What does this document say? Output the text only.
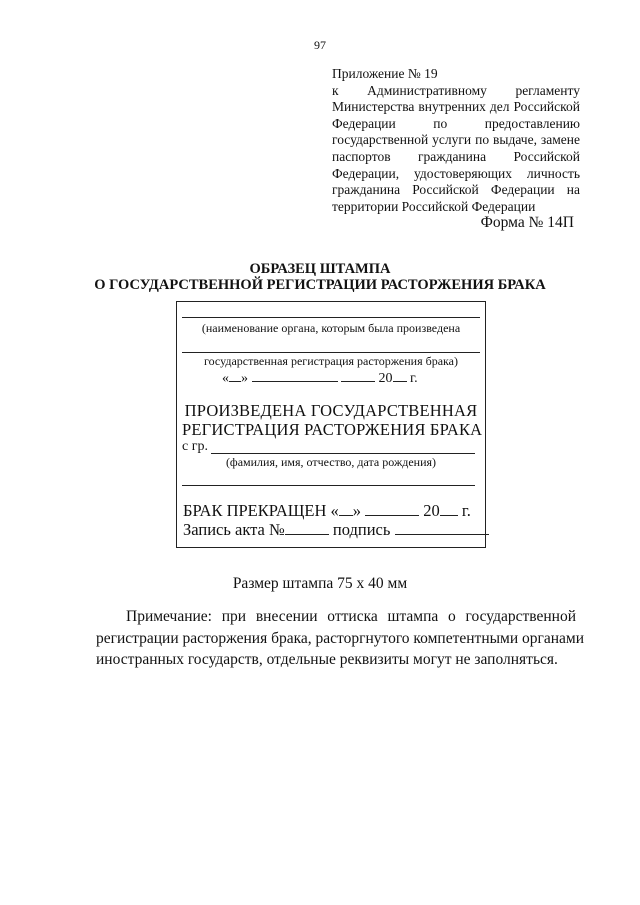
97
Приложение № 19
к Административному регламенту
Министерства внутренних дел Российской
Федерации по предоставлению
государственной услуги по выдаче, замене
паспортов гражданина Российской
Федерации, удостоверяющих личность
гражданина Российской Федерации на
территории Российской Федерации
Форма № 14П
ОБРАЗЕЦ ШТАМПА
О ГОСУДАРСТВЕННОЙ РЕГИСТРАЦИИ РАСТОРЖЕНИЯ БРАКА
(наименование органа, которым была произведена
государственная регистрация расторжения брака)
« »	20 г.
ПРОИЗВЕДЕНА ГОСУДАРСТВЕННАЯ
РЕГИСТРАЦИЯ РАСТОРЖЕНИЯ БРАКА
с гр.
(фамилия, имя, отчество, дата рождения)
БРАК ПРЕКРАЩЕН « »	20 г.
Запись акта №	подпись
Размер штампа 75 х 40 мм
Примечание: при внесении оттиска штампа о государственной
регистрации расторжения брака, расторгнутого компетентными органами
иностранных государств, отдельные реквизиты могут не заполняться.
